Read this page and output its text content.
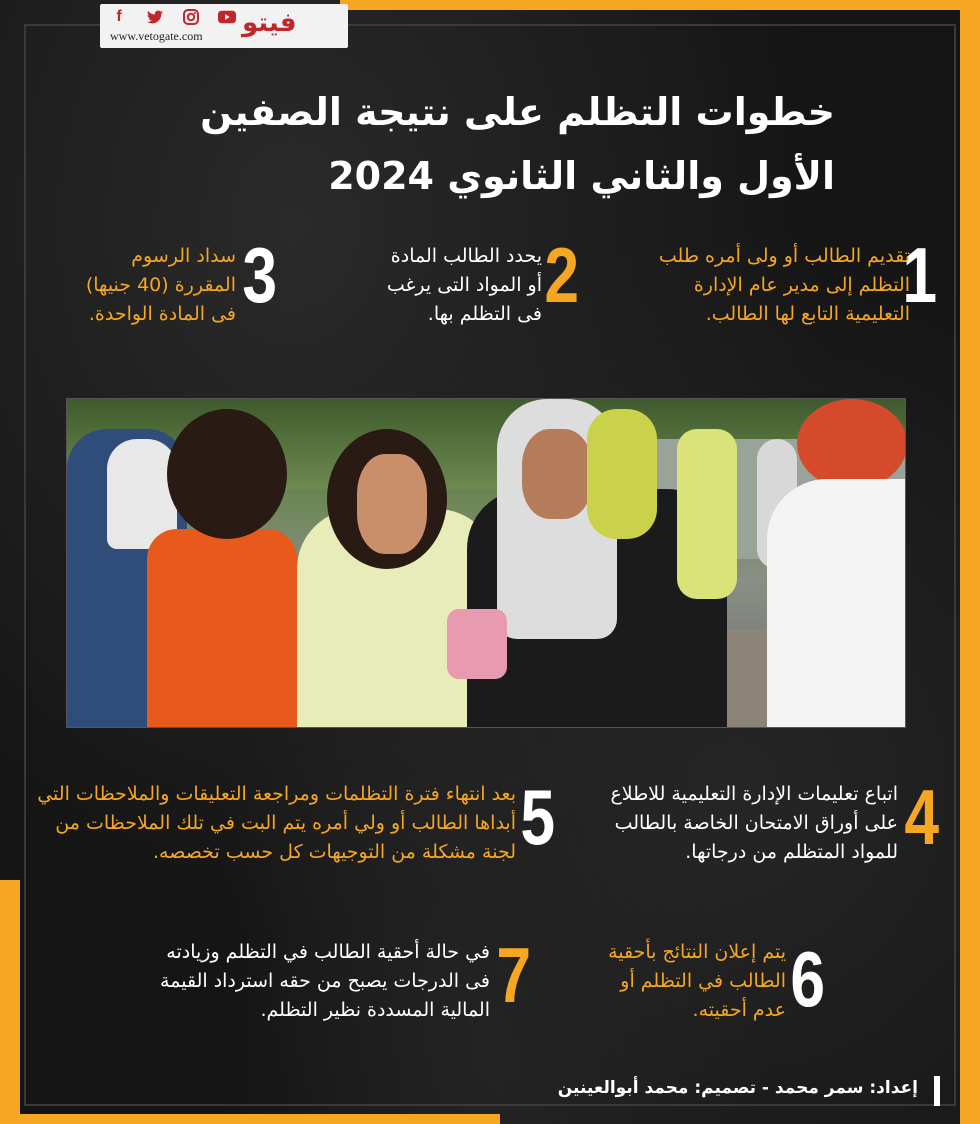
f
www.vetogate.com فيتو
خطوات التظلم على نتيجة الصفين
الأول والثاني الثانوي 2024
1
تقديم الطالب أو ولى أمره طلب التظلم إلى مدير عام الإدارة التعليمية التابع لها الطالب.
2
يحدد الطالب المادة أو المواد التى يرغب فى التظلم بها.
3
سداد الرسوم المقررة (40 جنيها) فى المادة الواحدة.
4
اتباع تعليمات الإدارة التعليمية للاطلاع على أوراق الامتحان الخاصة بالطالب للمواد المتظلم من درجاتها.
5
بعد انتهاء فترة التظلمات ومراجعة التعليقات والملاحظات التي أبداها الطالب أو ولي أمره يتم البت في تلك الملاحظات من لجنة مشكلة من التوجيهات كل حسب تخصصه.
6
يتم إعلان النتائج بأحقية الطالب في التظلم أو عدم أحقيته.
7
في حالة أحقية الطالب في التظلم وزيادته فى الدرجات يصبح من حقه استرداد القيمة المالية المسددة نظير التظلم.
إعداد: سمر محمد - تصميم: محمد أبوالعينين
